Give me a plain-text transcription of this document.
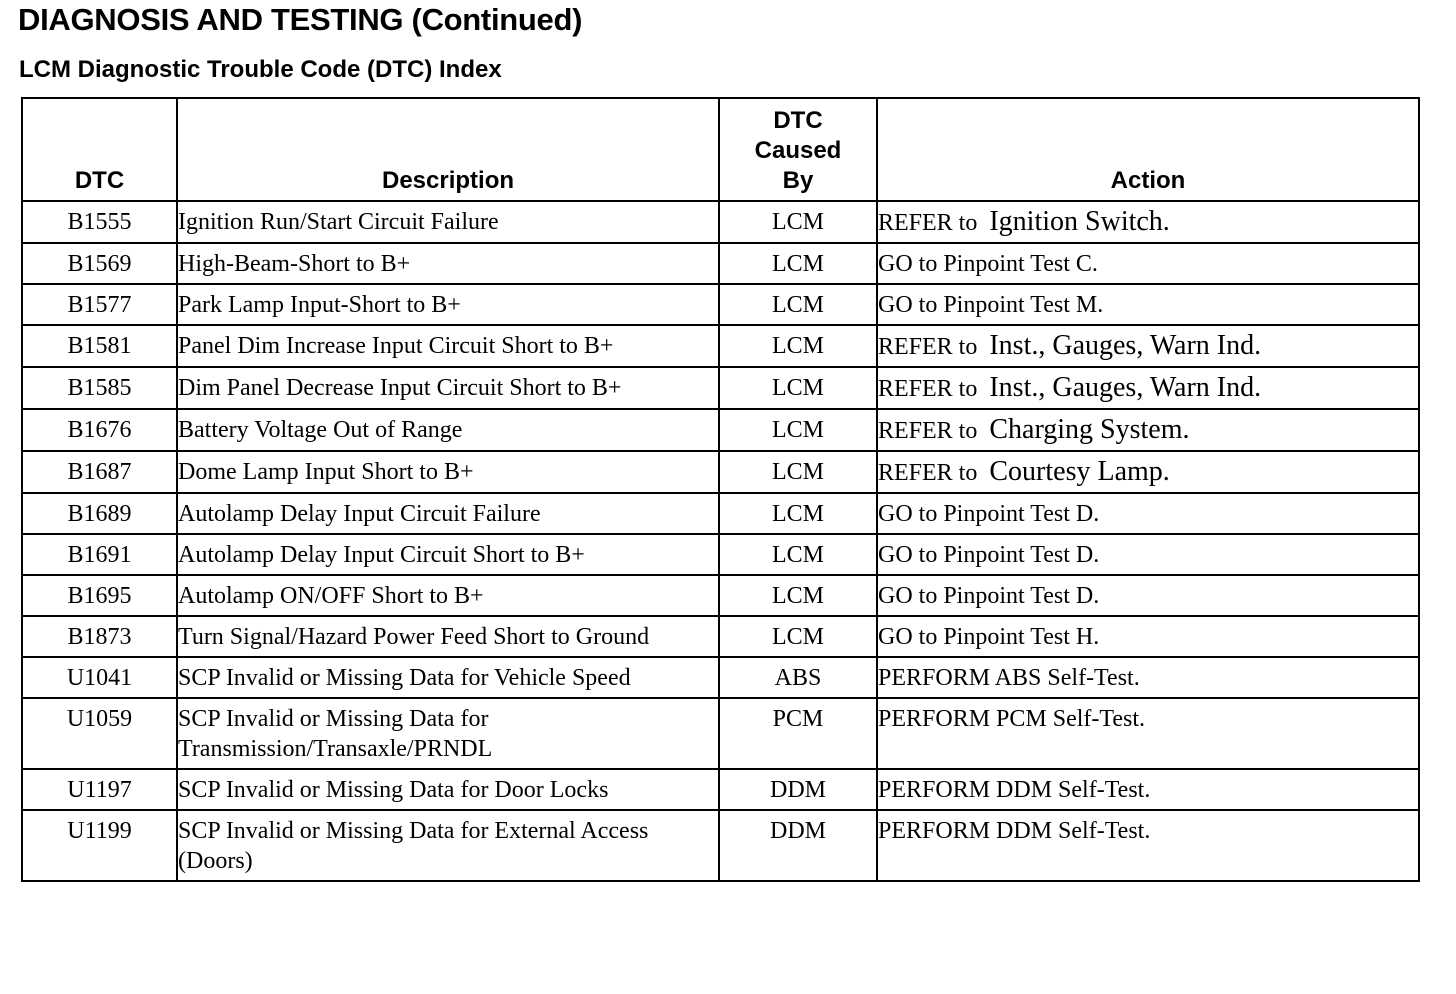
DIAGNOSIS AND TESTING (Continued)
LCM Diagnostic Trouble Code (DTC) Index
DTC	Description	DTC Caused By	Action
B1555	Ignition Run/Start Circuit Failure	LCM	REFER to Ignition Switch.
B1569	High-Beam-Short to B+	LCM	GO to Pinpoint Test C.
B1577	Park Lamp Input-Short to B+	LCM	GO to Pinpoint Test M.
B1581	Panel Dim Increase Input Circuit Short to B+	LCM	REFER to Inst., Gauges, Warn Ind.
B1585	Dim Panel Decrease Input Circuit Short to B+	LCM	REFER to Inst., Gauges, Warn Ind.
B1676	Battery Voltage Out of Range	LCM	REFER to Charging System.
B1687	Dome Lamp Input Short to B+	LCM	REFER to Courtesy Lamp.
B1689	Autolamp Delay Input Circuit Failure	LCM	GO to Pinpoint Test D.
B1691	Autolamp Delay Input Circuit Short to B+	LCM	GO to Pinpoint Test D.
B1695	Autolamp ON/OFF Short to B+	LCM	GO to Pinpoint Test D.
B1873	Turn Signal/Hazard Power Feed Short to Ground	LCM	GO to Pinpoint Test H.
U1041	SCP Invalid or Missing Data for Vehicle Speed	ABS	PERFORM ABS Self-Test.
U1059	SCP Invalid or Missing Data for Transmission/Transaxle/PRNDL	PCM	PERFORM PCM Self-Test.
U1197	SCP Invalid or Missing Data for Door Locks	DDM	PERFORM DDM Self-Test.
U1199	SCP Invalid or Missing Data for External Access (Doors)	DDM	PERFORM DDM Self-Test.
